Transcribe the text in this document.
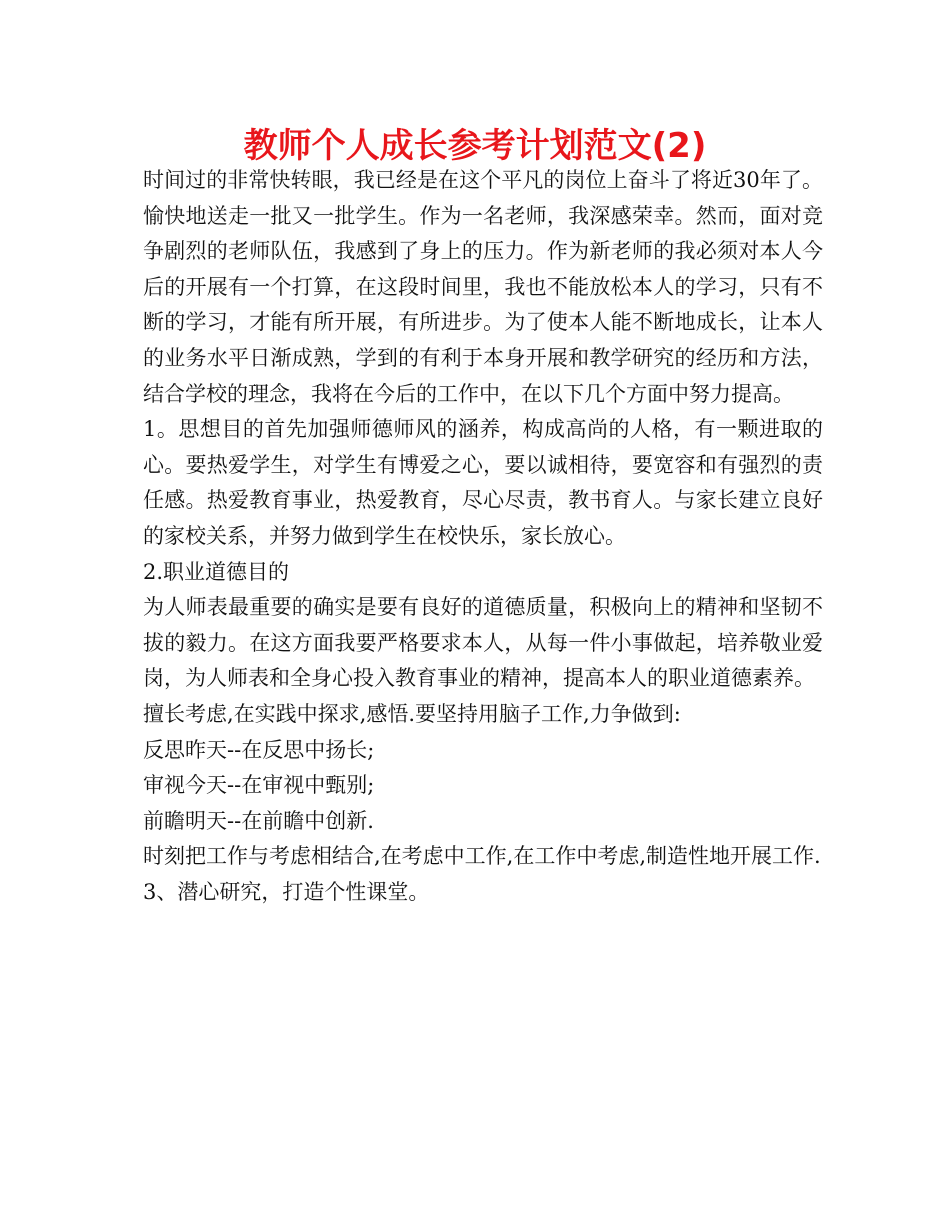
教师个人成长参考计划范文(2)

时间过的非常快转眼，我已经是在这个平凡的岗位上奋斗了将近30年了。愉快地送走一批又一批学生。作为一名老师，我深感荣幸。然而，面对竞争剧烈的老师队伍，我感到了身上的压力。作为新老师的我必须对本人今后的开展有一个打算，在这段时间里，我也不能放松本人的学习，只有不断的学习，才能有所开展，有所进步。为了使本人能不断地成长，让本人的业务水平日渐成熟，学到的有利于本身开展和教学研究的经历和方法，结合学校的理念，我将在今后的工作中，在以下几个方面中努力提高。

1。思想目的首先加强师德师风的涵养，构成高尚的人格，有一颗进取的心。要热爱学生，对学生有博爱之心，要以诚相待，要宽容和有强烈的责任感。热爱教育事业，热爱教育，尽心尽责，教书育人。与家长建立良好的家校关系，并努力做到学生在校快乐，家长放心。

2.职业道德目的

为人师表最重要的确实是要有良好的道德质量，积极向上的精神和坚韧不拔的毅力。在这方面我要严格要求本人，从每一件小事做起，培养敬业爱岗，为人师表和全身心投入教育事业的精神，提高本人的职业道德素养。

擅长考虑,在实践中探求,感悟.要坚持用脑子工作,力争做到:

反思昨天--在反思中扬长;

审视今天--在审视中甄别;

前瞻明天--在前瞻中创新.

时刻把工作与考虑相结合,在考虑中工作,在工作中考虑,制造性地开展工作.

3、潜心研究，打造个性课堂。
